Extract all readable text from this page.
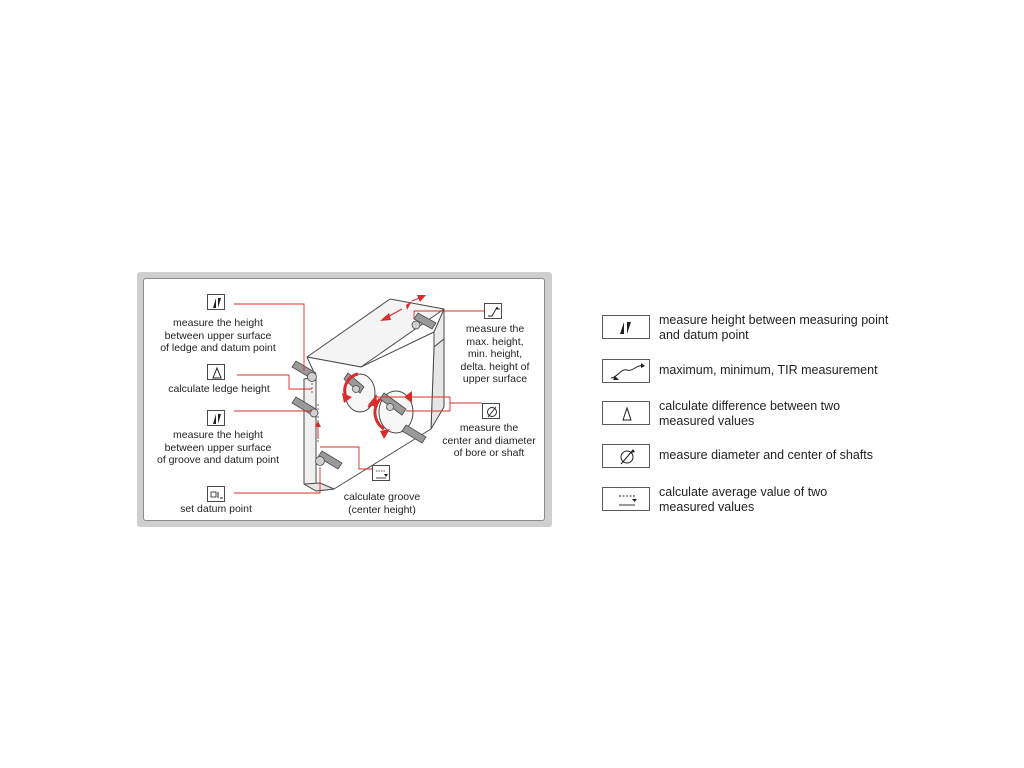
measure the height
between upper surface
of ledge and datum point
calculate ledge height
measure the height
between upper surface
of groove and datum point
set datum point
calculate groove
(center height)
measure the
max. height,
min. height,
delta. height of
upper surface
measure the
center and diameter
of bore or shaft
measure height between measuring point
and datum point
maximum, minimum, TIR measurement
calculate difference between two
measured values
measure diameter and center of shafts
calculate average value of two
measured values
